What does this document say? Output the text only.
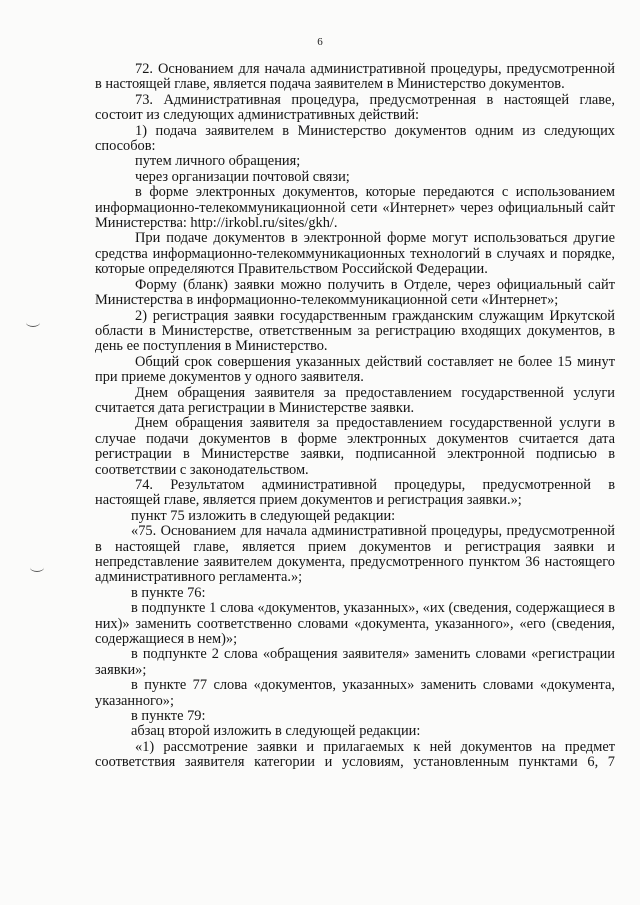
6

72. Основанием для начала административной процедуры, предусмотренной в настоящей главе, является подача заявителем в Министерство документов.

73. Административная процедура, предусмотренная в настоящей главе, состоит из следующих административных действий:

1) подача заявителем в Министерство документов одним из следующих способов:

путем личного обращения;

через организации почтовой связи;

в форме электронных документов, которые передаются с использованием информационно-телекоммуникационной сети «Интернет» через официальный сайт Министерства: http://irkobl.ru/sites/gkh/.

При подаче документов в электронной форме могут использоваться другие средства информационно-телекоммуникационных технологий в случаях и порядке, которые определяются Правительством Российской Федерации.

Форму (бланк) заявки можно получить в Отделе, через официальный сайт Министерства в информационно-телекоммуникационной сети «Интернет»;

2) регистрация заявки государственным гражданским служащим Иркутской области в Министерстве, ответственным за регистрацию входящих документов, в день ее поступления в Министерство.

Общий срок совершения указанных действий составляет не более 15 минут при приеме документов у одного заявителя.

Днем обращения заявителя за предоставлением государственной услуги считается дата регистрации в Министерстве заявки.

Днем обращения заявителя за предоставлением государственной услуги в случае подачи документов в форме электронных документов считается дата регистрации в Министерстве заявки, подписанной электронной подписью в соответствии с законодательством.

74. Результатом административной процедуры, предусмотренной в настоящей главе, является прием документов и регистрация заявки.»;

пункт 75 изложить в следующей редакции:

«75. Основанием для начала административной процедуры, предусмотренной в настоящей главе, является прием документов и регистрация заявки и непредставление заявителем документа, предусмотренного пунктом 36 настоящего административного регламента.»;

в пункте 76:

в подпункте 1 слова «документов, указанных», «их (сведения, содержащиеся в них)» заменить соответственно словами «документа, указанного», «его (сведения, содержащиеся в нем)»;

в подпункте 2 слова «обращения заявителя» заменить словами «регистрации заявки»;

в пункте 77 слова «документов, указанных» заменить словами «документа, указанного»;

в пункте 79:

абзац второй изложить в следующей редакции:

«1) рассмотрение заявки и прилагаемых к ней документов на предмет соответствия заявителя категории и условиям, установленным пунктами 6, 7
